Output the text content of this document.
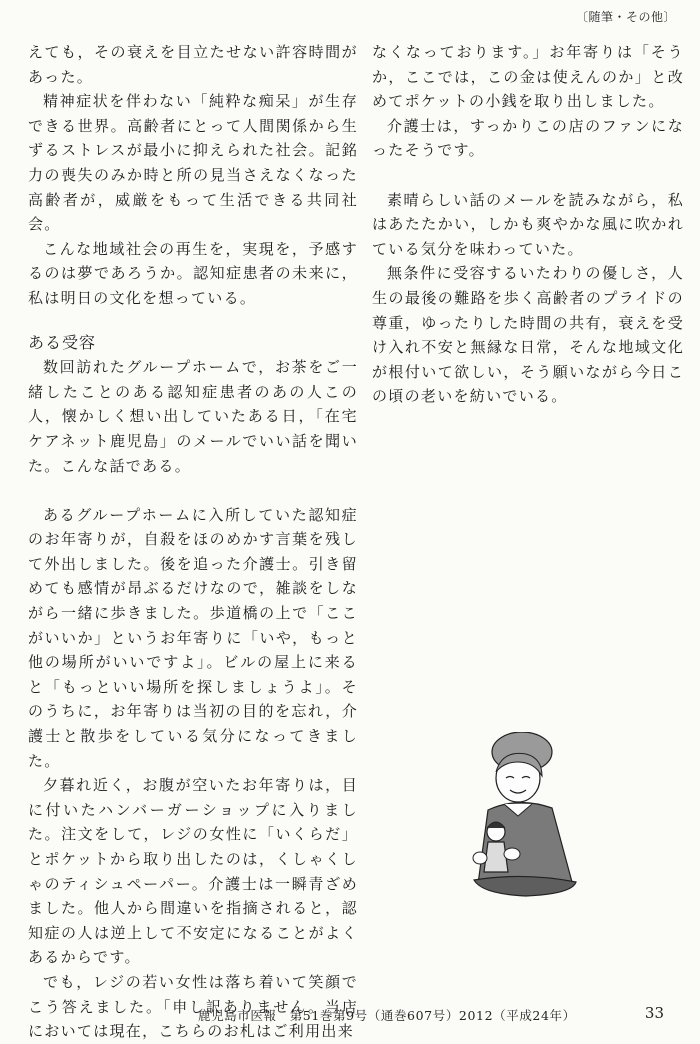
〔随筆・その他〕

えても，その衰えを目立たせない許容時間があった。

精神症状を伴わない「純粋な痴呆」が生存できる世界。高齢者にとって人間関係から生ずるストレスが最小に抑えられた社会。記銘力の喪失のみか時と所の見当さえなくなった高齢者が，威厳をもって生活できる共同社会。

こんな地域社会の再生を，実現を，予感するのは夢であろうか。認知症患者の未来に，私は明日の文化を想っている。

ある受容

数回訪れたグループホームで，お茶をご一緒したことのある認知症患者のあの人この人，懐かしく想い出していたある日，「在宅ケアネット鹿児島」のメールでいい話を聞いた。こんな話である。

あるグループホームに入所していた認知症のお年寄りが，自殺をほのめかす言葉を残して外出しました。後を追った介護士。引き留めても感情が昂ぶるだけなので，雑談をしながら一緒に歩きました。歩道橋の上で「ここがいいか」というお年寄りに「いや，もっと他の場所がいいですよ」。ビルの屋上に来ると「もっといい場所を探しましょうよ」。そのうちに，お年寄りは当初の目的を忘れ，介護士と散歩をしている気分になってきました。

夕暮れ近く，お腹が空いたお年寄りは，目に付いたハンバーガーショップに入りました。注文をして，レジの女性に「いくらだ」とポケットから取り出したのは，くしゃくしゃのティシュペーパー。介護士は一瞬青ざめました。他人から間違いを指摘されると，認知症の人は逆上して不安定になることがよくあるからです。

でも，レジの若い女性は落ち着いて笑顔でこう答えました。「申し訳ありません。当店においては現在，こちらのお札はご利用出来

なくなっております。」お年寄りは「そうか，ここでは，この金は使えんのか」と改めてポケットの小銭を取り出しました。

介護士は，すっかりこの店のファンになったそうです。

素晴らしい話のメールを読みながら，私はあたたかい，しかも爽やかな風に吹かれている気分を味わっていた。

無条件に受容するいたわりの優しさ，人生の最後の難路を歩く高齢者のプライドの尊重，ゆったりした時間の共有，衰えを受け入れ不安と無縁な日常，そんな地域文化が根付いて欲しい，そう願いながら今日この頃の老いを紡いでいる。

鹿児島市医報　第51巻第9号（通巻607号）2012（平成24年）	33
